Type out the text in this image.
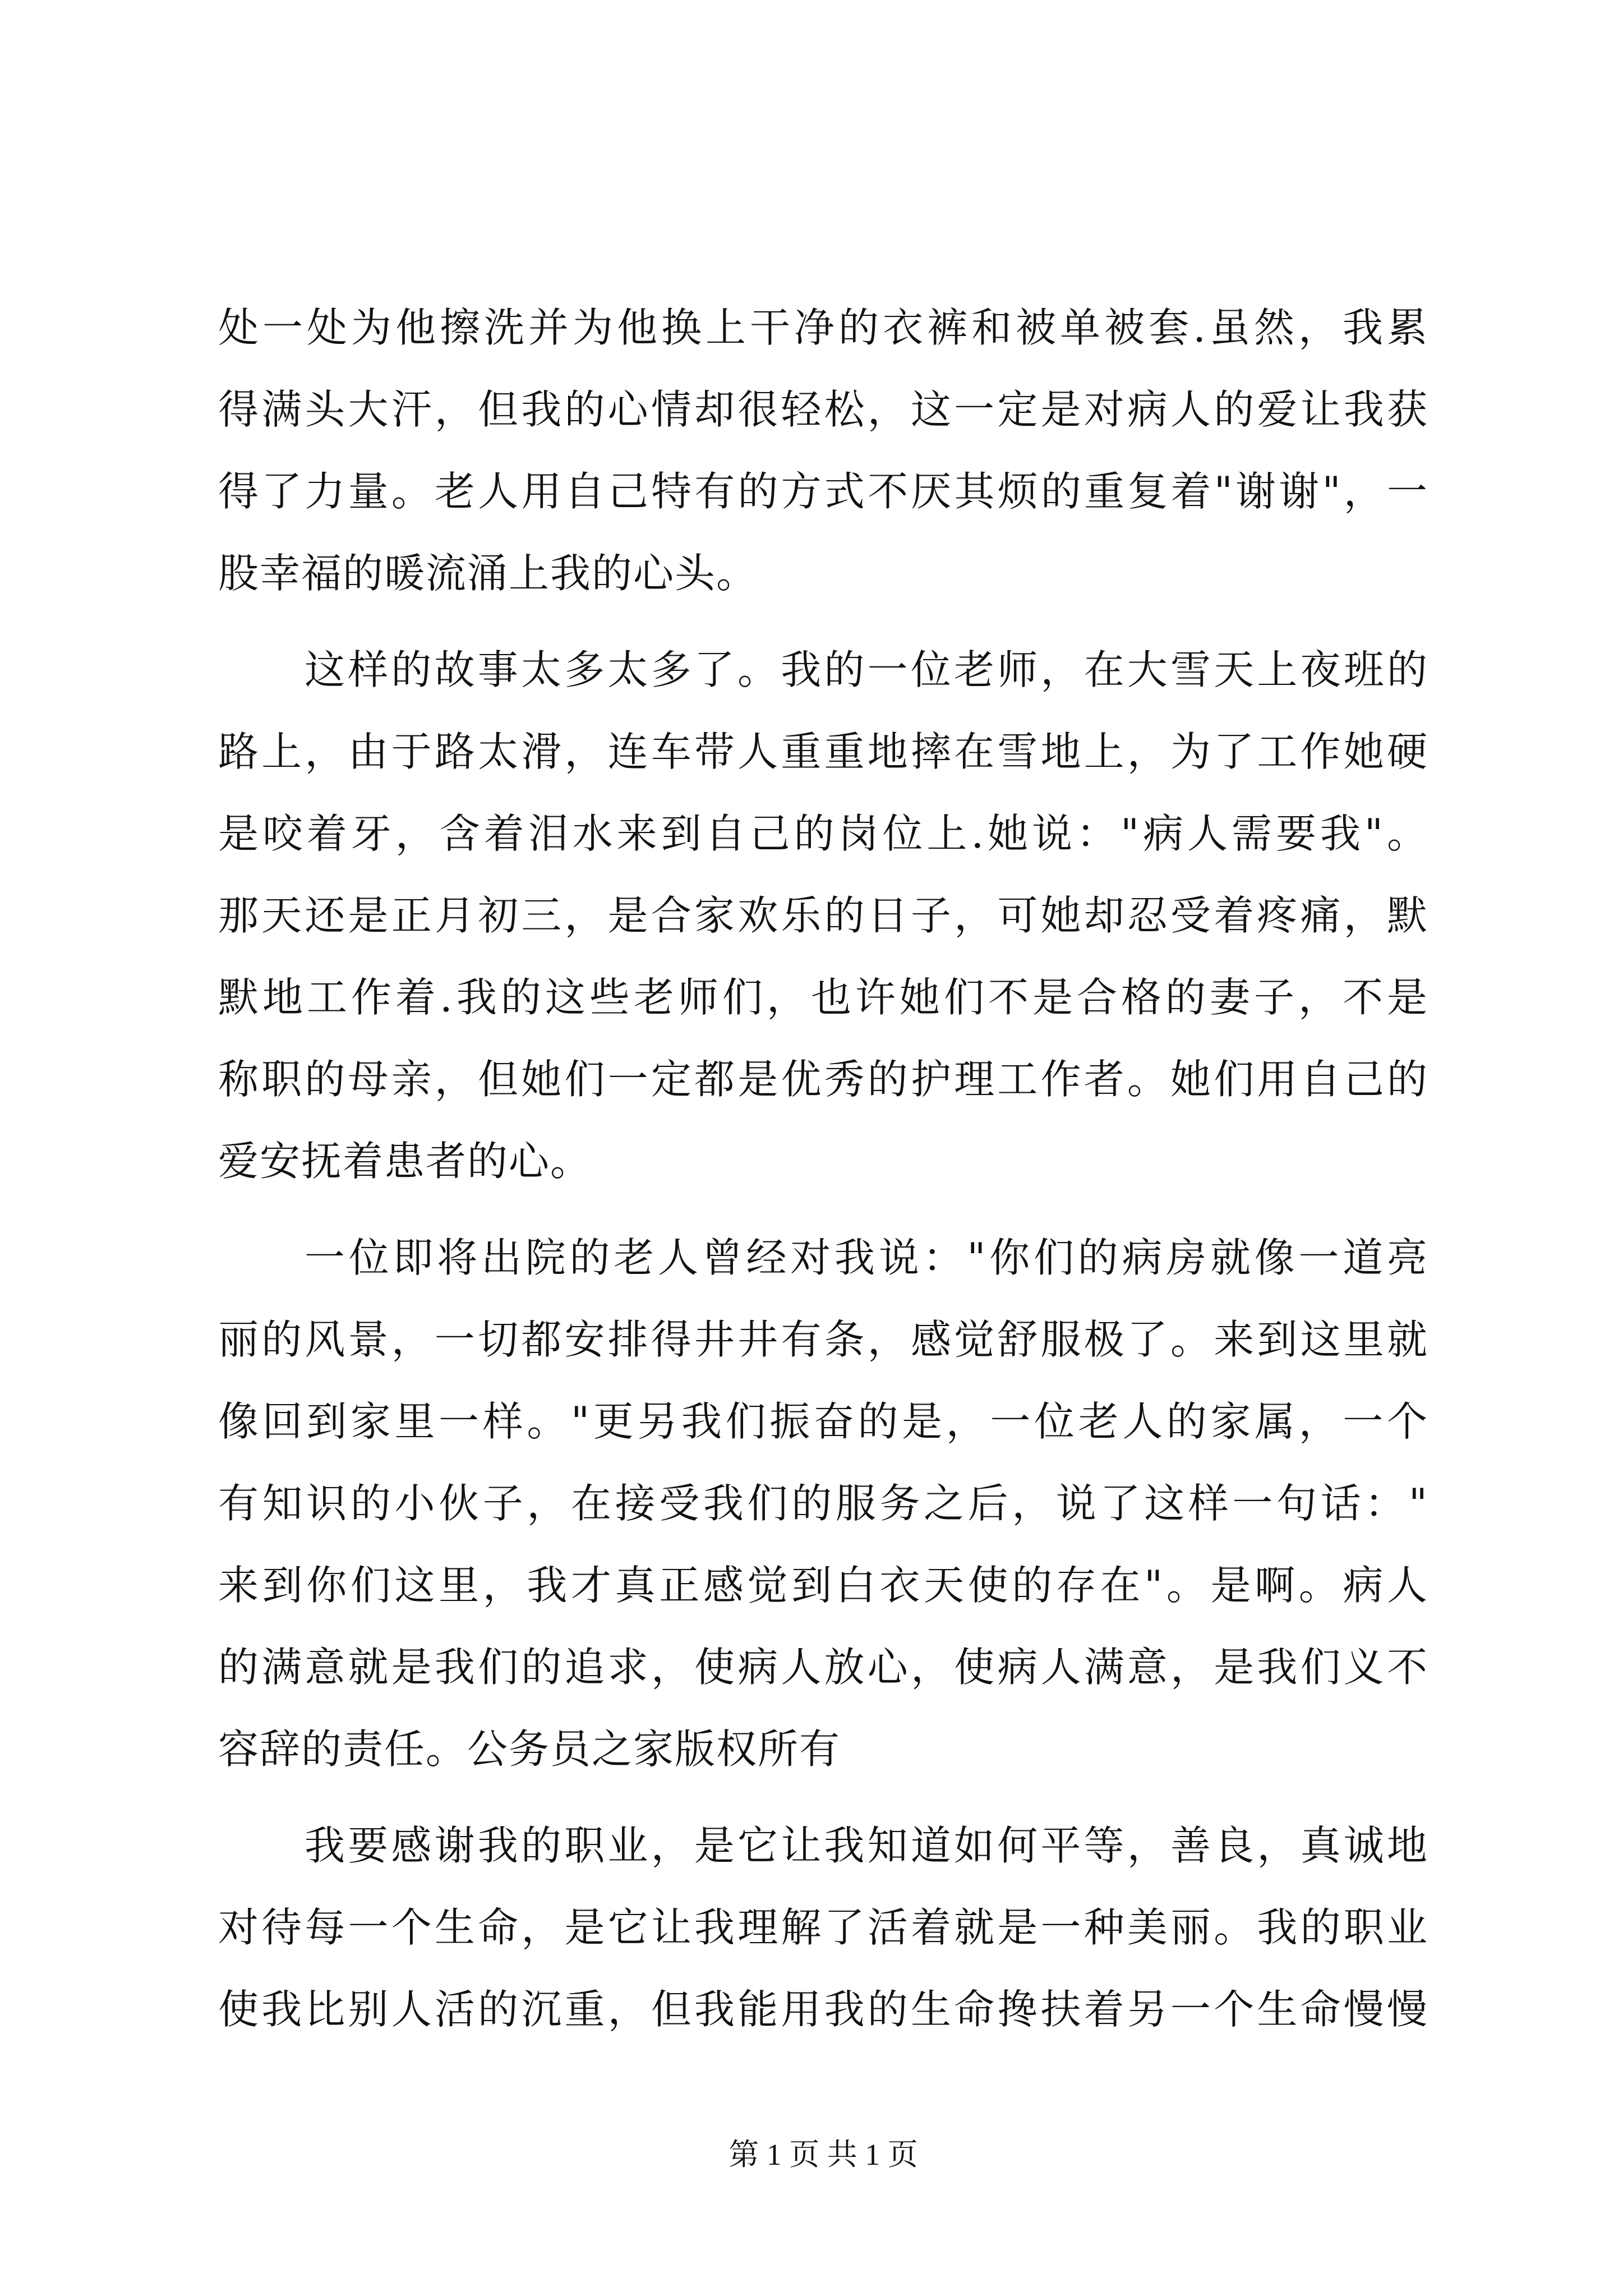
处一处为他擦洗并为他换上干净的衣裤和被单被套.虽然，我累
得满头大汗，但我的心情却很轻松，这一定是对病人的爱让我获
得了力量。老人用自己特有的方式不厌其烦的重复着"谢谢"，一
股幸福的暖流涌上我的心头。
这样的故事太多太多了。我的一位老师，在大雪天上夜班的
路上，由于路太滑，连车带人重重地摔在雪地上，为了工作她硬
是咬着牙，含着泪水来到自己的岗位上.她说："病人需要我"。
那天还是正月初三，是合家欢乐的日子，可她却忍受着疼痛，默
默地工作着.我的这些老师们，也许她们不是合格的妻子，不是
称职的母亲，但她们一定都是优秀的护理工作者。她们用自己的
爱安抚着患者的心。
一位即将出院的老人曾经对我说："你们的病房就像一道亮
丽的风景，一切都安排得井井有条，感觉舒服极了。来到这里就
像回到家里一样。"更另我们振奋的是，一位老人的家属，一个
有知识的小伙子，在接受我们的服务之后，说了这样一句话："
来到你们这里，我才真正感觉到白衣天使的存在"。是啊。病人
的满意就是我们的追求，使病人放心，使病人满意，是我们义不
容辞的责任。公务员之家版权所有
我要感谢我的职业，是它让我知道如何平等，善良，真诚地
对待每一个生命，是它让我理解了活着就是一种美丽。我的职业
使我比别人活的沉重，但我能用我的生命搀扶着另一个生命慢慢
第 1 页 共 1 页
